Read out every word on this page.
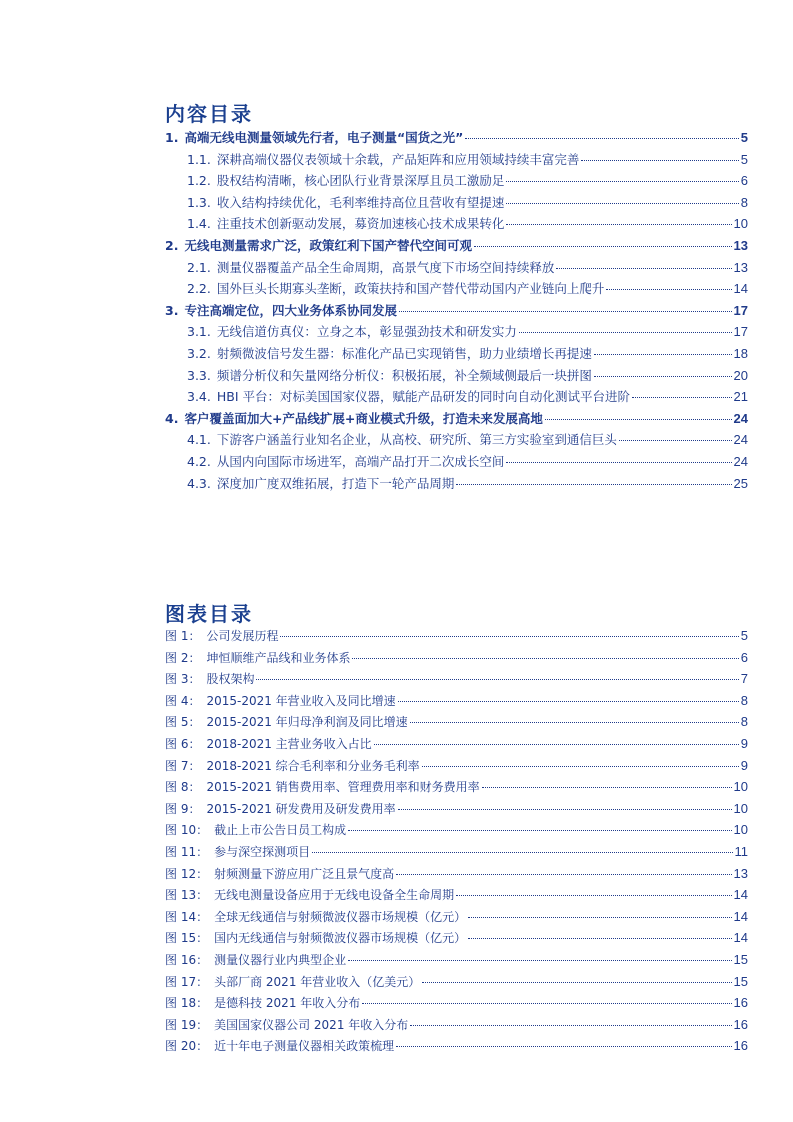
内容目录
1. 高端无线电测量领域先行者，电子测量“国货之光”	5
1.1. 深耕高端仪器仪表领域十余载，产品矩阵和应用领域持续丰富完善	5
1.2. 股权结构清晰，核心团队行业背景深厚且员工激励足	6
1.3. 收入结构持续优化，毛利率维持高位且营收有望提速	8
1.4. 注重技术创新驱动发展，募资加速核心技术成果转化	10
2. 无线电测量需求广泛，政策红利下国产替代空间可观	13
2.1. 测量仪器覆盖产品全生命周期，高景气度下市场空间持续释放	13
2.2. 国外巨头长期寡头垄断，政策扶持和国产替代带动国内产业链向上爬升	14
3. 专注高端定位，四大业务体系协同发展	17
3.1. 无线信道仿真仪：立身之本，彰显强劲技术和研发实力	17
3.2. 射频微波信号发生器：标准化产品已实现销售，助力业绩增长再提速	18
3.3. 频谱分析仪和矢量网络分析仪：积极拓展，补全频域侧最后一块拼图	20
3.4. HBI 平台：对标美国国家仪器，赋能产品研发的同时向自动化测试平台进阶	21
4. 客户覆盖面加大+产品线扩展+商业模式升级，打造未来发展高地	24
4.1. 下游客户涵盖行业知名企业，从高校、研究所、第三方实验室到通信巨头	24
4.2. 从国内向国际市场进军，高端产品打开二次成长空间	24
4.3. 深度加广度双维拓展，打造下一轮产品周期	25
图表目录
图 1： 公司发展历程	5
图 2： 坤恒顺维产品线和业务体系	6
图 3： 股权架构	7
图 4： 2015-2021 年营业收入及同比增速	8
图 5： 2015-2021 年归母净利润及同比增速	8
图 6： 2018-2021 主营业务收入占比	9
图 7： 2018-2021 综合毛利率和分业务毛利率	9
图 8： 2015-2021 销售费用率、管理费用率和财务费用率	10
图 9： 2015-2021 研发费用及研发费用率	10
图 10： 截止上市公告日员工构成	10
图 11： 参与深空探测项目	11
图 12： 射频测量下游应用广泛且景气度高	13
图 13： 无线电测量设备应用于无线电设备全生命周期	14
图 14： 全球无线通信与射频微波仪器市场规模（亿元）	14
图 15： 国内无线通信与射频微波仪器市场规模（亿元）	14
图 16： 测量仪器行业内典型企业	15
图 17： 头部厂商 2021 年营业收入（亿美元）	15
图 18： 是德科技 2021 年收入分布	16
图 19： 美国国家仪器公司 2021 年收入分布	16
图 20： 近十年电子测量仪器相关政策梳理	16
